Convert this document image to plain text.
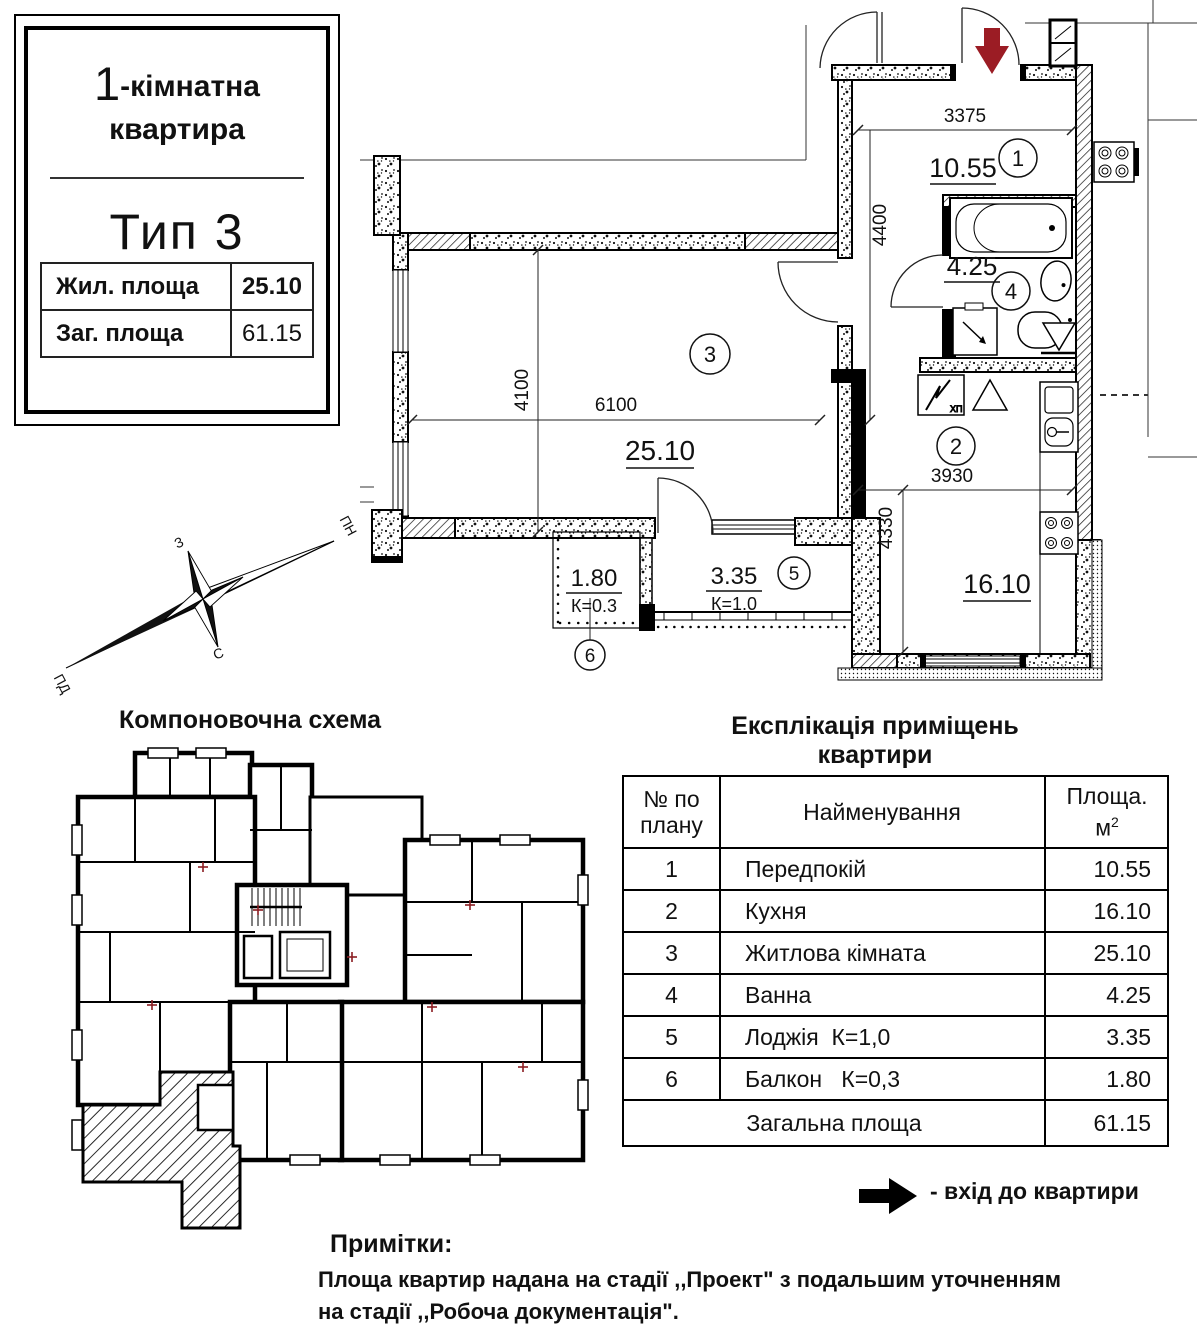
1-кімнатна
квартира
Тип 3
Жил. площа	25.10
Заг. площа	61.15
ХП
3375
4400
4100	6100
3930
4330
10.55
4.25
25.10
16.10
3.35
К=1.0
1.80
К=0.3
1
2
3
4
5
6
ПН
З
С
ПД
Компоновочна схема	Експлікація приміщень
квартири
№ по
плану	Найменування	Площа.
$м^2$
1	Передпокій	10.55
2	Кухня	16.10
3	Житлова кімната	25.10
4	Ванна	4.25
5	Лоджія  К=1,0	3.35
6	Балкон   К=0,3	1.80
Загальна площа		61.15
- вхід до квартири
Примітки:
Площа квартир надана на стадії ,,Проект" з подальшим уточненням
на стадії ,,Робоча документація".
